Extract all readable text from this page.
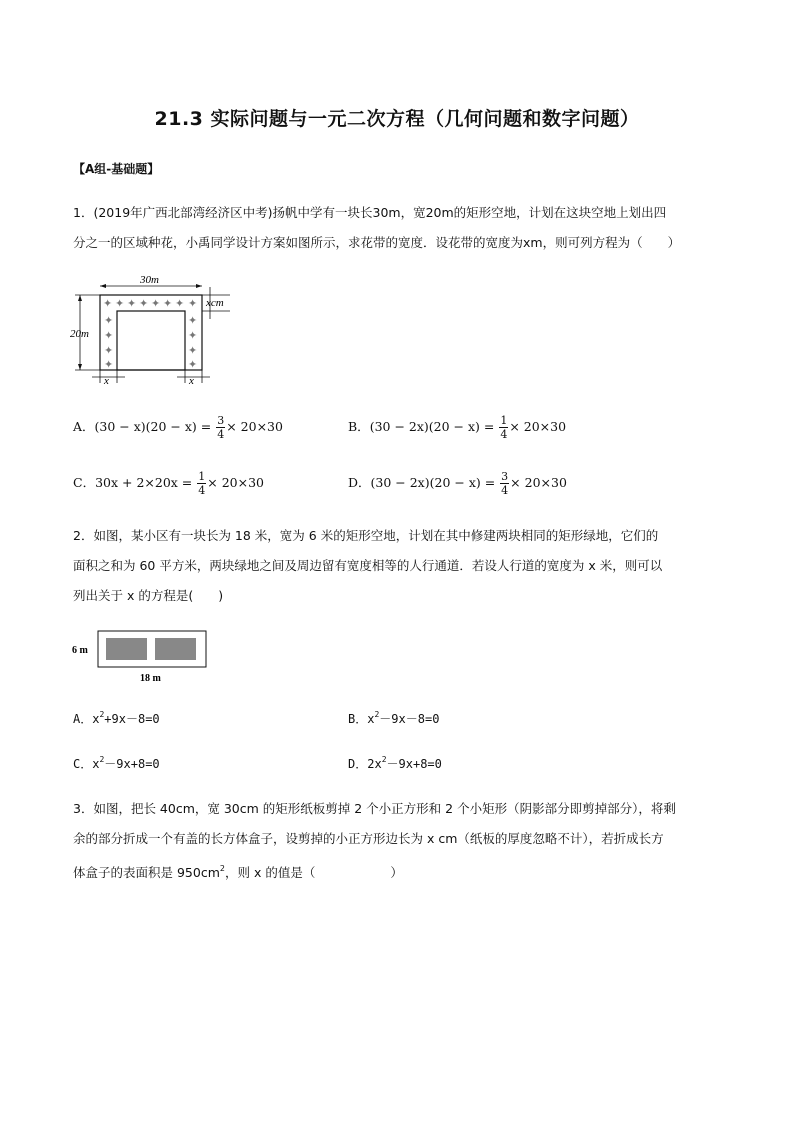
21.3 实际问题与一元二次方程（几何问题和数字问题）
【A组-基础题】
1．(2019年广西北部湾经济区中考)扬帆中学有一块长30m，宽20m的矩形空地，计划在这块空地上划出四
分之一的区域种花，小禹同学设计方案如图所示，求花带的宽度．设花带的宽度为xm，则可列方程为（　　）
✦ ✦ ✦ ✦ ✦ ✦ ✦ ✦
✦
✦
✦
✦
✦
✦
✦
✦
30m
20m
xcm
x	x
A．$(30 - x)(20 - x) = \frac{3}{4} \times 20\times 30$	B．$(30 - 2x)(20 - x) = \frac{1}{4} \times 20\times 30$
C．$30x + 2\times 20x = \frac{1}{4} \times 20\times 30$	D．$(30 - 2x)(20 - x) = \frac{3}{4} \times 20\times 30$
2．如图，某小区有一块长为 18 米，宽为 6 米的矩形空地，计划在其中修建两块相同的矩形绿地，它们的
面积之和为 60 平方米，两块绿地之间及周边留有宽度相等的人行通道．若设人行道的宽度为 x 米，则可以
列出关于 x 的方程是(　　)
6 m
18 m
A．$x^2+9x-8=0$	B．$x^2-9x-8=0$
C．$x^2-9x+8=0$	D．$2x^2-9x+8=0$
3．如图，把长 40cm，宽 30cm 的矩形纸板剪掉 2 个小正方形和 2 个小矩形（阴影部分即剪掉部分），将剩
余的部分折成一个有盖的长方体盒子，设剪掉的小正方形边长为 x cm（纸板的厚度忽略不计），若折成长方
体盒子的表面积是 $950cm^2$，则 x 的值是（　　　　　　）
